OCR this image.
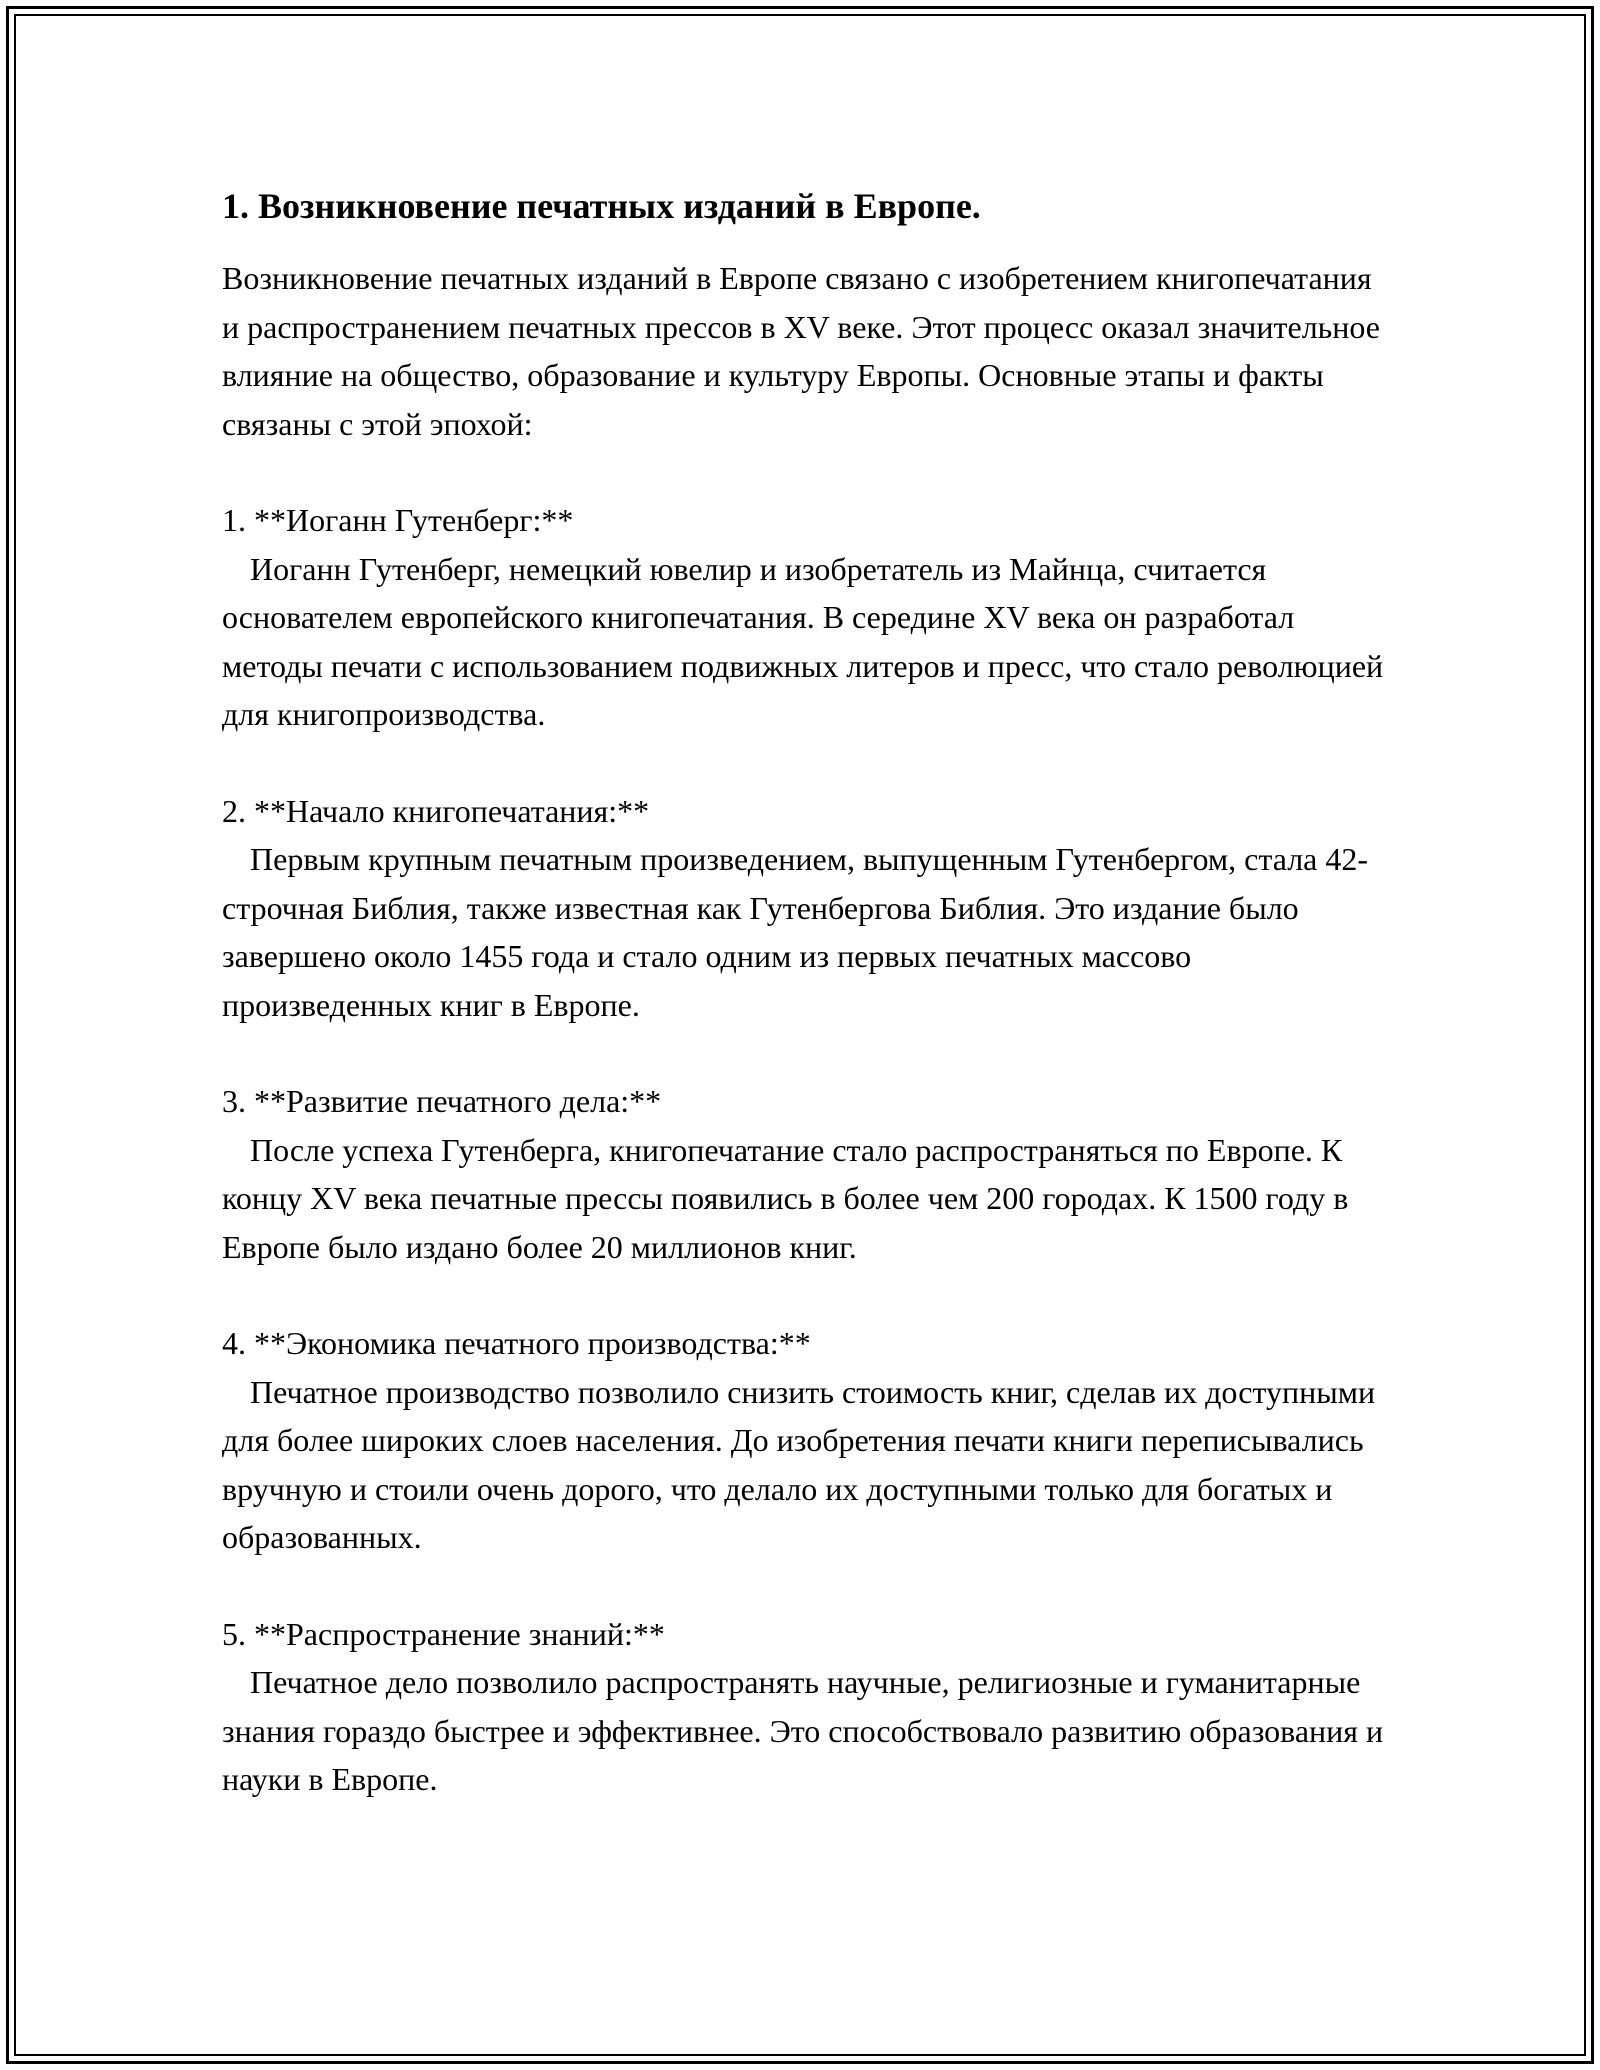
1. Возникновение печатных изданий в Европе.

Возникновение печатных изданий в Европе связано с изобретением книгопечатания и распространением печатных прессов в XV веке. Этот процесс оказал значительное влияние на общество, образование и культуру Европы. Основные этапы и факты связаны с этой эпохой:

1. **Иоганн Гутенберг:**

Иоганн Гутенберг, немецкий ювелир и изобретатель из Майнца, считается основателем европейского книгопечатания. В середине XV века он разработал методы печати с использованием подвижных литеров и пресс, что стало революцией для книгопроизводства.

2. **Начало книгопечатания:**

Первым крупным печатным произведением, выпущенным Гутенбергом, стала 42-строчная Библия, также известная как Гутенбергова Библия. Это издание было завершено около 1455 года и стало одним из первых печатных массово произведенных книг в Европе.

3. **Развитие печатного дела:**

После успеха Гутенберга, книгопечатание стало распространяться по Европе. К концу XV века печатные прессы появились в более чем 200 городах. К 1500 году в Европе было издано более 20 миллионов книг.

4. **Экономика печатного производства:**

Печатное производство позволило снизить стоимость книг, сделав их доступными для более широких слоев населения. До изобретения печати книги переписывались вручную и стоили очень дорого, что делало их доступными только для богатых и образованных.

5. **Распространение знаний:**

Печатное дело позволило распространять научные, религиозные и гуманитарные знания гораздо быстрее и эффективнее. Это способствовало развитию образования и науки в Европе.
